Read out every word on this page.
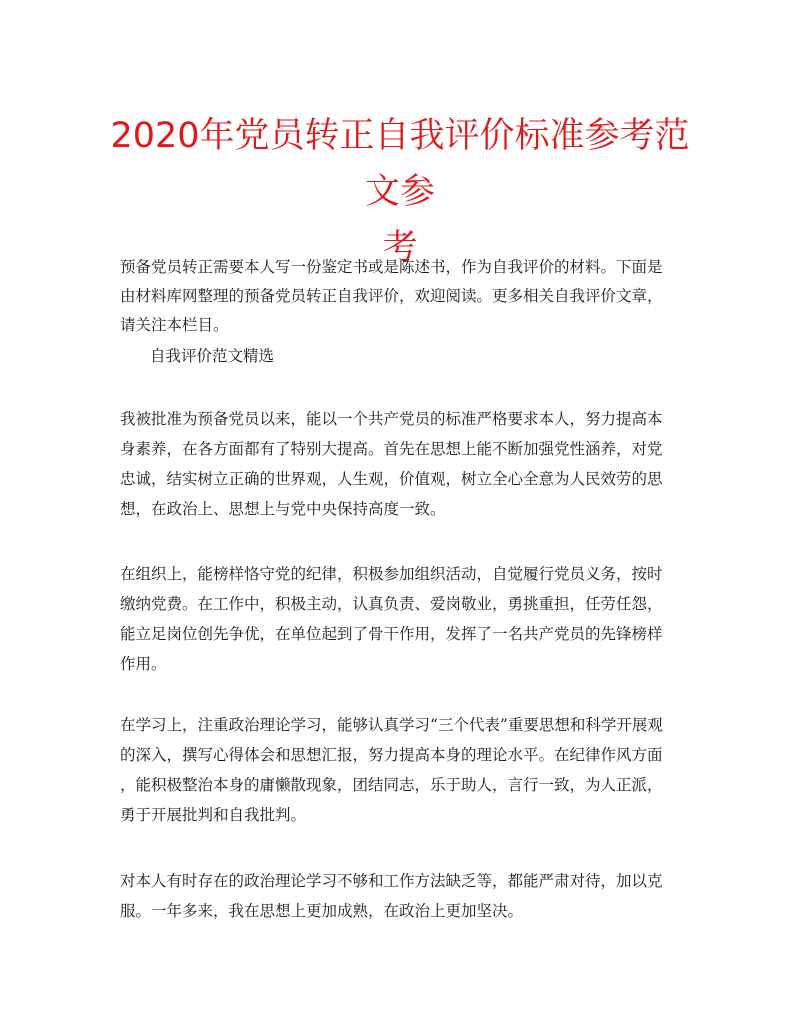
2020年党员转正自我评价标准参考范文参
考

预备党员转正需要本人写一份鉴定书或是陈述书，作为自我评价的材料。下面是
由材料库网整理的预备党员转正自我评价，欢迎阅读。更多相关自我评价文章，
请关注本栏目。

自我评价范文精选

我被批准为预备党员以来，能以一个共产党员的标准严格要求本人，努力提高本
身素养，在各方面都有了特别大提高。首先在思想上能不断加强党性涵养，对党
忠诚，结实树立正确的世界观，人生观，价值观，树立全心全意为人民效劳的思
想，在政治上、思想上与党中央保持高度一致。

在组织上，能榜样恪守党的纪律，积极参加组织活动，自觉履行党员义务，按时
缴纳党费。在工作中，积极主动，认真负责、爱岗敬业，勇挑重担，任劳任怨，
能立足岗位创先争优，在单位起到了骨干作用，发挥了一名共产党员的先锋榜样
作用。

在学习上，注重政治理论学习，能够认真学习“三个代表”重要思想和科学开展观
的深入，撰写心得体会和思想汇报，努力提高本身的理论水平。在纪律作风方面
，能积极整治本身的庸懒散现象，团结同志，乐于助人，言行一致，为人正派，
勇于开展批判和自我批判。

对本人有时存在的政治理论学习不够和工作方法缺乏等，都能严肃对待，加以克
服。一年多来，我在思想上更加成熟，在政治上更加坚决。
